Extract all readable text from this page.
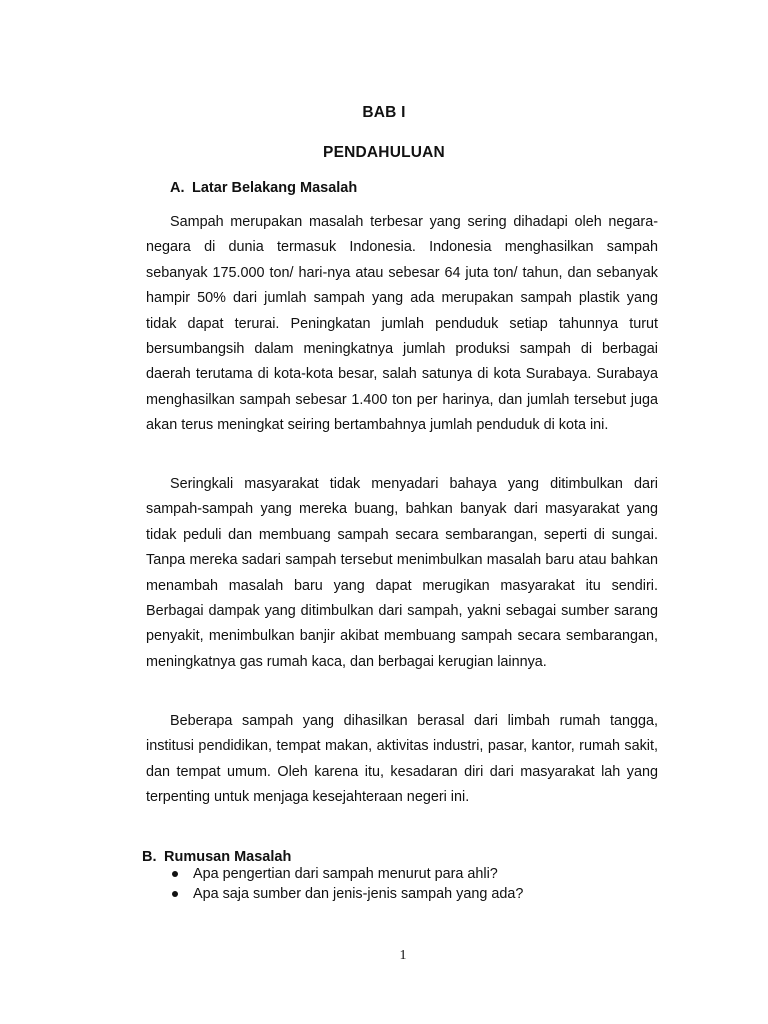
BAB I
PENDAHULUAN
A. Latar Belakang Masalah

Sampah merupakan masalah terbesar yang sering dihadapi oleh negara-negara di dunia termasuk Indonesia. Indonesia menghasilkan sampah sebanyak 175.000 ton/ hari-nya atau sebesar 64 juta ton/ tahun, dan sebanyak hampir 50% dari jumlah sampah yang ada merupakan sampah plastik yang tidak dapat terurai. Peningkatan jumlah penduduk setiap tahunnya turut bersumbangsih dalam meningkatnya jumlah produksi sampah di berbagai daerah terutama di kota-kota besar, salah satunya di kota Surabaya. Surabaya menghasilkan sampah sebesar 1.400 ton per harinya, dan jumlah tersebut juga akan terus meningkat seiring bertambahnya jumlah penduduk di kota ini.

Seringkali masyarakat tidak menyadari bahaya yang ditimbulkan dari sampah-sampah yang mereka buang, bahkan banyak dari masyarakat yang tidak peduli dan membuang sampah secara sembarangan, seperti di sungai. Tanpa mereka sadari sampah tersebut menimbulkan masalah baru atau bahkan menambah masalah baru yang dapat merugikan masyarakat itu sendiri. Berbagai dampak yang ditimbulkan dari sampah, yakni sebagai sumber sarang penyakit, menimbulkan banjir akibat membuang sampah secara sembarangan, meningkatnya gas rumah kaca, dan berbagai kerugian lainnya.

Beberapa sampah yang dihasilkan berasal dari limbah rumah tangga, institusi pendidikan, tempat makan, aktivitas industri, pasar, kantor, rumah sakit, dan tempat umum. Oleh karena itu, kesadaran diri dari masyarakat lah yang terpenting untuk menjaga kesejahteraan negeri ini.

B. Rumusan Masalah
Apa pengertian dari sampah menurut para ahli?
Apa saja sumber dan jenis-jenis sampah yang ada?
1
